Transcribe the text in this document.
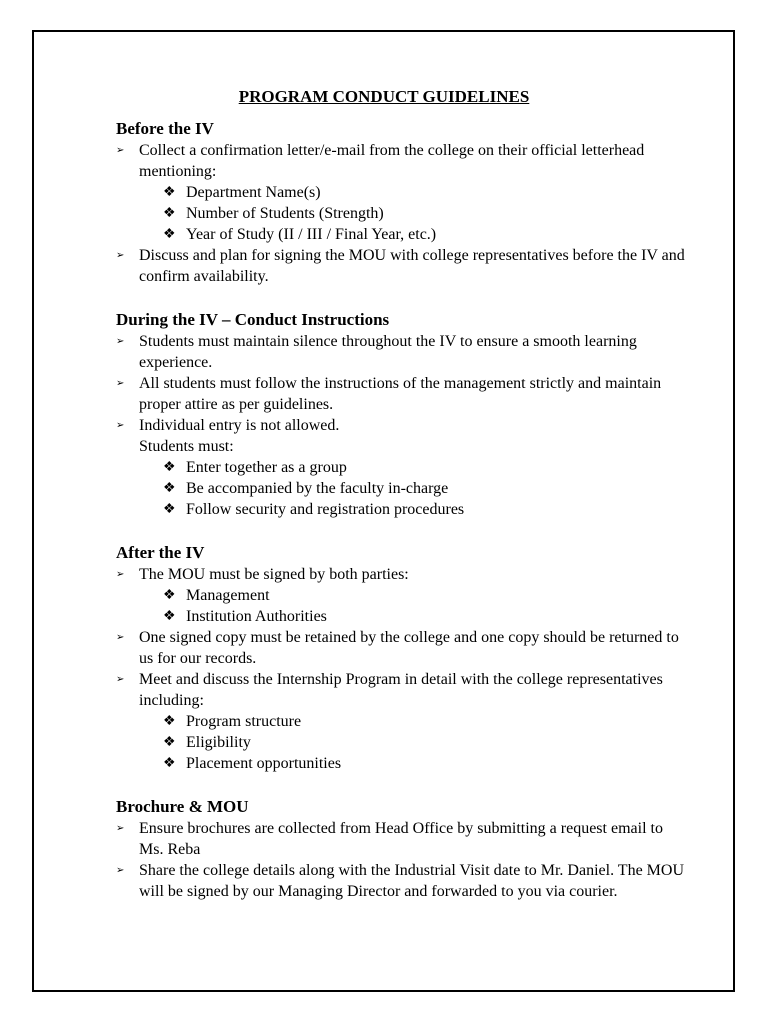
PROGRAM CONDUCT GUIDELINES
Before the IV
➢ Collect a confirmation letter/e-mail from the college on their official letterhead mentioning:
❖ Department Name(s)
❖ Number of Students (Strength)
❖ Year of Study (II / III / Final Year, etc.)
➢ Discuss and plan for signing the MOU with college representatives before the IV and confirm availability.
During the IV – Conduct Instructions
➢ Students must maintain silence throughout the IV to ensure a smooth learning experience.
➢ All students must follow the instructions of the management strictly and maintain proper attire as per guidelines.
➢ Individual entry is not allowed.
Students must:
❖ Enter together as a group
❖ Be accompanied by the faculty in-charge
❖ Follow security and registration procedures
After the IV
➢ The MOU must be signed by both parties:
❖ Management
❖ Institution Authorities
➢ One signed copy must be retained by the college and one copy should be returned to us for our records.
➢ Meet and discuss the Internship Program in detail with the college representatives including:
❖ Program structure
❖ Eligibility
❖ Placement opportunities
Brochure & MOU
➢ Ensure brochures are collected from Head Office by submitting a request email to Ms. Reba
➢ Share the college details along with the Industrial Visit date to Mr. Daniel. The MOU will be signed by our Managing Director and forwarded to you via courier.
